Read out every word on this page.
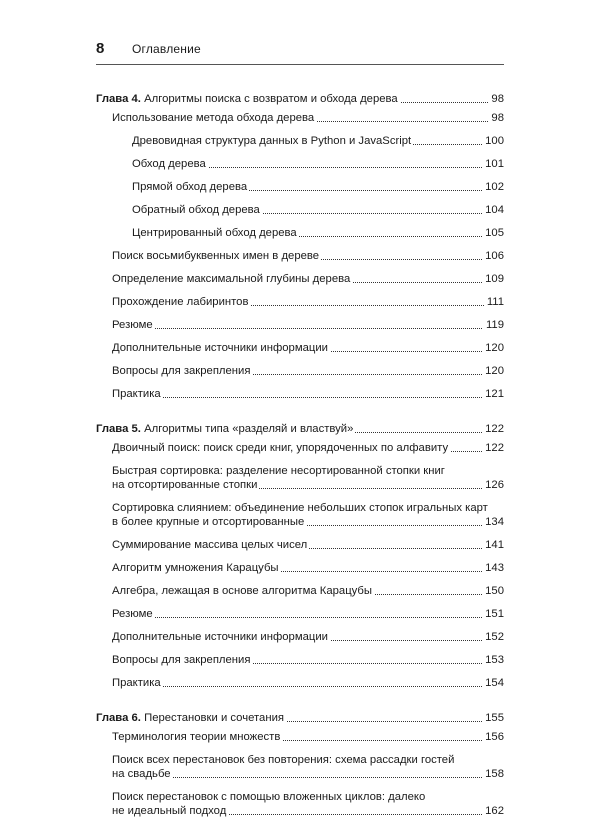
8	Оглавление
Глава 4. Алгоритмы поиска с возвратом и обхода дерева	98
Использование метода обхода дерева	98
Древовидная структура данных в Python и JavaScript	100
Обход дерева	101
Прямой обход дерева	102
Обратный обход дерева	104
Центрированный обход дерева	105
Поиск восьмибуквенных имен в дереве	106
Определение максимальной глубины дерева	109
Прохождение лабиринтов	111
Резюме	119
Дополнительные источники информации	120
Вопросы для закрепления	120
Практика	121
Глава 5. Алгоритмы типа «разделяй и властвуй»	122
Двоичный поиск: поиск среди книг, упорядоченных по алфавиту	122
Быстрая сортировка: разделение несортированной стопки книг
на отсортированные стопки	126
Сортировка слиянием: объединение небольших стопок игральных карт
в более крупные и отсортированные	134
Суммирование массива целых чисел	141
Алгоритм умножения Карацубы	143
Алгебра, лежащая в основе алгоритма Карацубы	150
Резюме	151
Дополнительные источники информации	152
Вопросы для закрепления	153
Практика	154
Глава 6. Перестановки и сочетания	155
Терминология теории множеств	156
Поиск всех перестановок без повторения: схема рассадки гостей
на свадьбе	158
Поиск перестановок с помощью вложенных циклов: далеко
не идеальный подход	162
